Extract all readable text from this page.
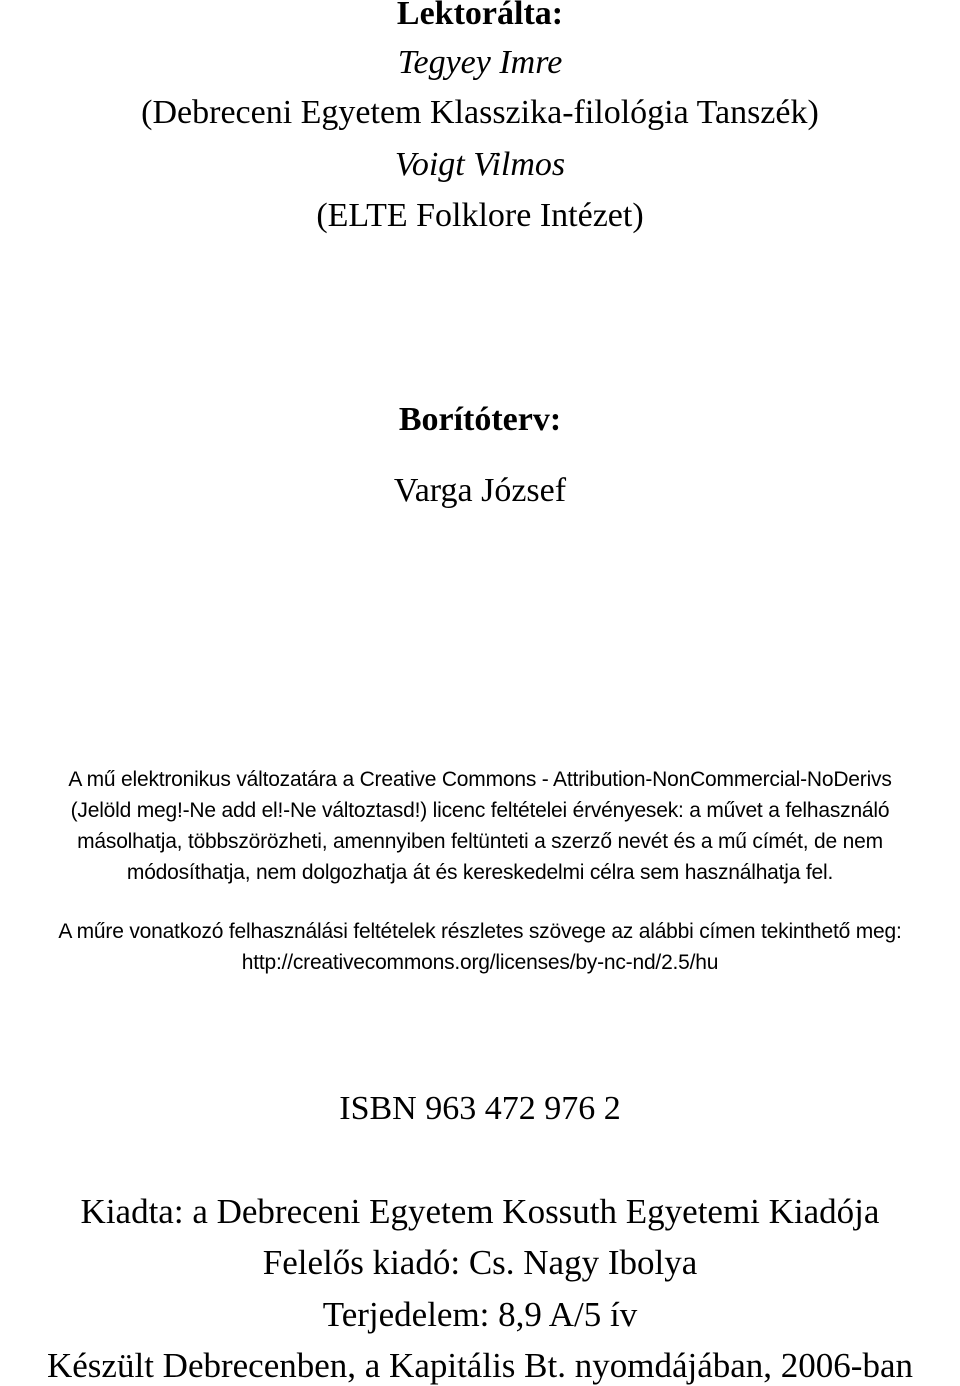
Lektorálta:
Tegyey Imre
(Debreceni Egyetem Klasszika-filológia Tanszék)
Voigt Vilmos
(ELTE Folklore Intézet)
Borítóterv:
Varga József
A mű elektronikus változatára a Creative Commons - Attribution-NonCommercial-NoDerivs
(Jelöld meg!-Ne add el!-Ne változtasd!) licenc feltételei érvényesek: a művet a felhasználó
másolhatja, többszörözheti, amennyiben feltünteti a szerző nevét és a mű címét, de nem
módosíthatja, nem dolgozhatja át és kereskedelmi célra sem használhatja fel.
A műre vonatkozó felhasználási feltételek részletes szövege az alábbi címen tekinthető meg:
http://creativecommons.org/licenses/by-nc-nd/2.5/hu
ISBN 963 472 976 2
Kiadta: a Debreceni Egyetem Kossuth Egyetemi Kiadója
Felelős kiadó: Cs. Nagy Ibolya
Terjedelem: 8,9 A/5 ív
Készült Debrecenben, a Kapitális Bt. nyomdájában, 2006-ban
